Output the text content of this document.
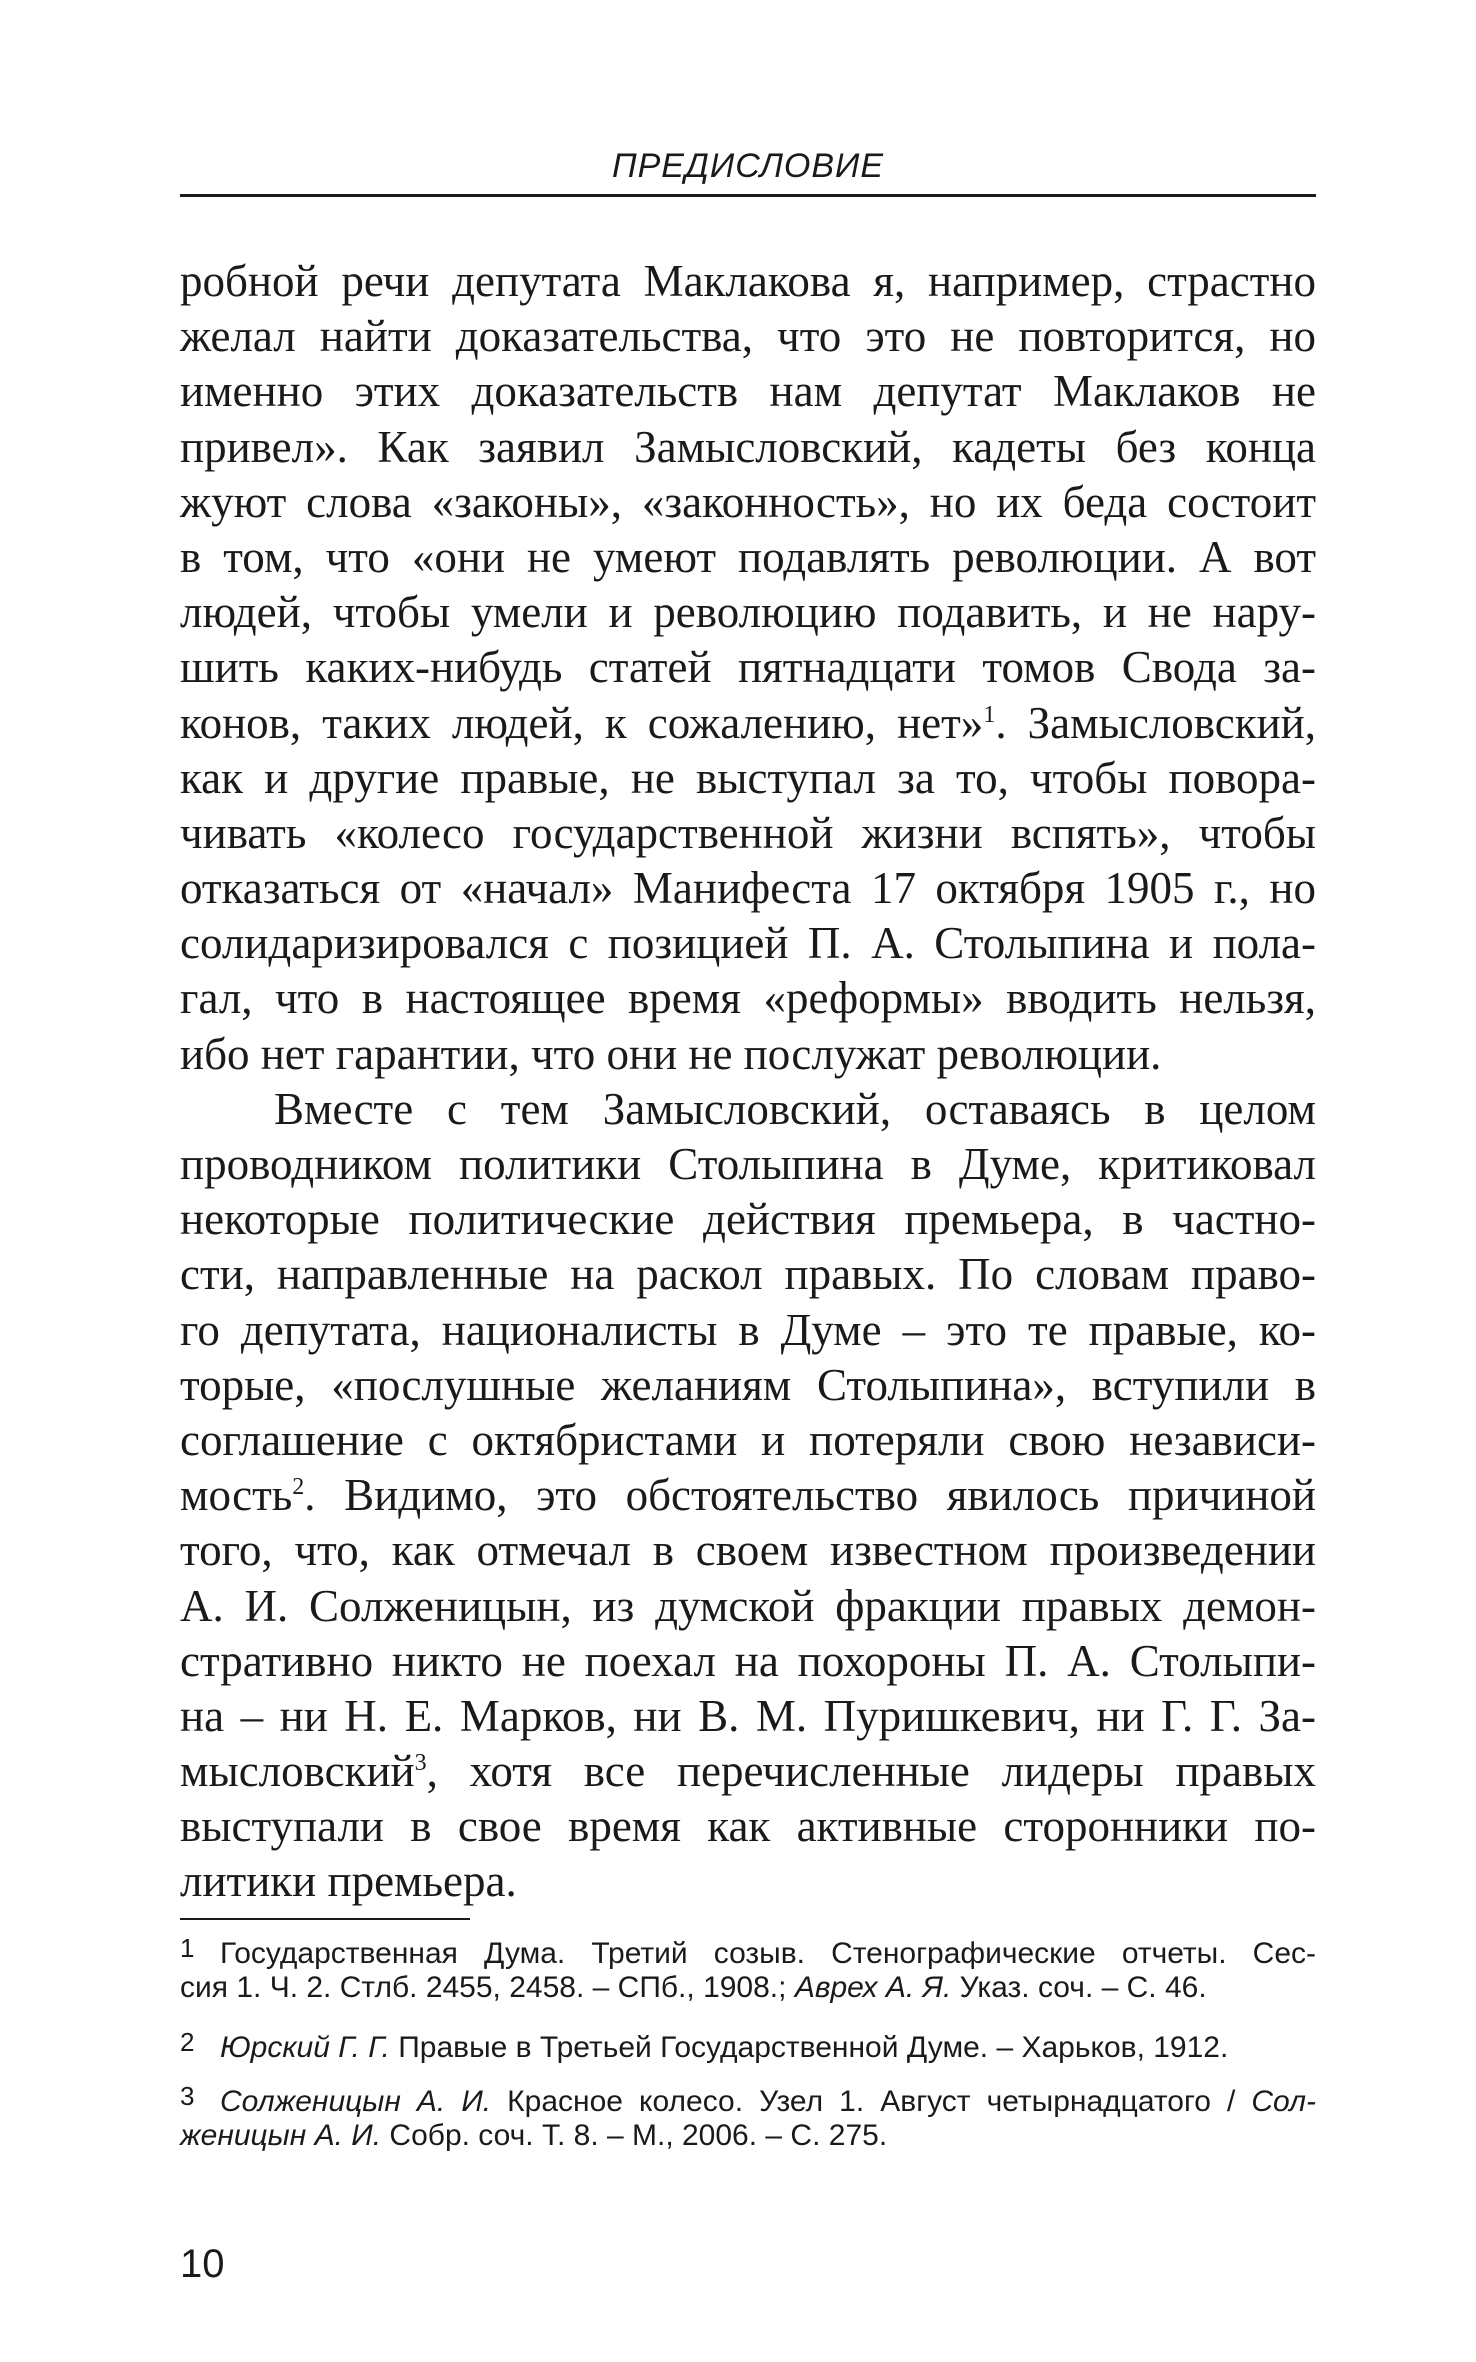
ПРЕДИСЛОВИЕ
робной речи депутата Маклакова я, например, страстно
желал найти доказательства, что это не повторится, но
именно этих доказательств нам депутат Маклаков не
привел». Как заявил Замысловский, кадеты без конца
жуют слова «законы», «законность», но их беда состоит
в том, что «они не умеют подавлять революции. А вот
людей, чтобы умели и революцию подавить, и не нару-
шить каких-нибудь статей пятнадцати томов Свода за-
конов, таких людей, к сожалению, нет»$^1$. Замысловский,
как и другие правые, не выступал за то, чтобы повора-
чивать «колесо государственной жизни вспять», чтобы
отказаться от «начал» Манифеста 17 октября 1905 г., но
солидаризировался с позицией П. А. Столыпина и пола-
гал, что в настоящее время «реформы» вводить нельзя,
ибо нет гарантии, что они не послужат революции.
Вместе с тем Замысловский, оставаясь в целом
проводником политики Столыпина в Думе, критиковал
некоторые политические действия премьера, в частно-
сти, направленные на раскол правых. По словам право-
го депутата, националисты в Думе – это те правые, ко-
торые, «послушные желаниям Столыпина», вступили в
соглашение с октябристами и потеряли свою независи-
мость$^2$. Видимо, это обстоятельство явилось причиной
того, что, как отмечал в своем известном произведении
А. И. Солженицын, из думской фракции правых демон-
стративно никто не поехал на похороны П. А. Столыпи-
на – ни Н. Е. Марков, ни В. М. Пуришкевич, ни Г. Г. За-
мысловский$^3$, хотя все перечисленные лидеры правых
выступали в свое время как активные сторонники по-
литики премьера.
1 Государственная Дума. Третий созыв. Стенографические отчеты. Сес-
сия 1. Ч. 2. Стлб. 2455, 2458. – СПб., 1908.; Аврех А. Я. Указ. соч. – С. 46.
2 Юрский Г. Г. Правые в Третьей Государственной Думе. – Харьков, 1912.
3 Солженицын А. И. Красное колесо. Узел 1. Август четырнадцатого / Сол-
женицын А. И. Собр. соч. Т. 8. – М., 2006. – С. 275.
10
